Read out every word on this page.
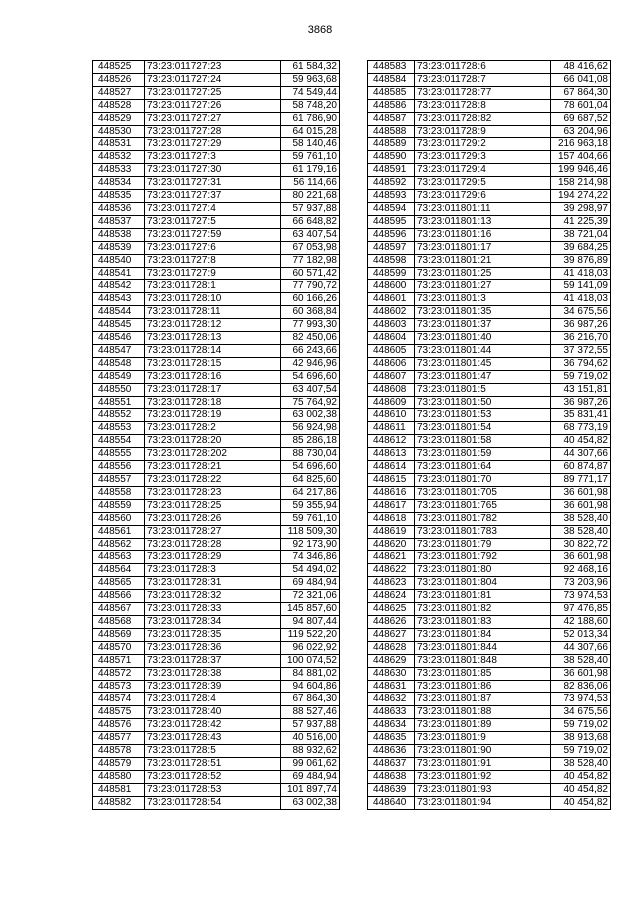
3868
448525	73:23:011727:23	61 584,32
448526	73:23:011727:24	59 963,68
448527	73:23:011727:25	74 549,44
448528	73:23:011727:26	58 748,20
448529	73:23:011727:27	61 786,90
448530	73:23:011727:28	64 015,28
448531	73:23:011727:29	58 140,46
448532	73:23:011727:3	59 761,10
448533	73:23:011727:30	61 179,16
448534	73:23:011727:31	56 114,66
448535	73:23:011727:37	80 221,68
448536	73:23:011727:4	57 937,88
448537	73:23:011727:5	66 648,82
448538	73:23:011727:59	63 407,54
448539	73:23:011727:6	67 053,98
448540	73:23:011727:8	77 182,98
448541	73:23:011727:9	60 571,42
448542	73:23:011728:1	77 790,72
448543	73:23:011728:10	60 166,26
448544	73:23:011728:11	60 368,84
448545	73:23:011728:12	77 993,30
448546	73:23:011728:13	82 450,06
448547	73:23:011728:14	66 243,66
448548	73:23:011728:15	42 946,96
448549	73:23:011728:16	54 696,60
448550	73:23:011728:17	63 407,54
448551	73:23:011728:18	75 764,92
448552	73:23:011728:19	63 002,38
448553	73:23:011728:2	56 924,98
448554	73:23:011728:20	85 286,18
448555	73:23:011728:202	88 730,04
448556	73:23:011728:21	54 696,60
448557	73:23:011728:22	64 825,60
448558	73:23:011728:23	64 217,86
448559	73:23:011728:25	59 355,94
448560	73:23:011728:26	59 761,10
448561	73:23:011728:27	118 509,30
448562	73:23:011728:28	92 173,90
448563	73:23:011728:29	74 346,86
448564	73:23:011728:3	54 494,02
448565	73:23:011728:31	69 484,94
448566	73:23:011728:32	72 321,06
448567	73:23:011728:33	145 857,60
448568	73:23:011728:34	94 807,44
448569	73:23:011728:35	119 522,20
448570	73:23:011728:36	96 022,92
448571	73:23:011728:37	100 074,52
448572	73:23:011728:38	84 881,02
448573	73:23:011728:39	94 604,86
448574	73:23:011728:4	67 864,30
448575	73:23:011728:40	88 527,46
448576	73:23:011728:42	57 937,88
448577	73:23:011728:43	40 516,00
448578	73:23:011728:5	88 932,62
448579	73:23:011728:51	99 061,62
448580	73:23:011728:52	69 484,94
448581	73:23:011728:53	101 897,74
448582	73:23:011728:54	63 002,38
448583	73:23:011728:6	48 416,62
448584	73:23:011728:7	66 041,08
448585	73:23:011728:77	67 864,30
448586	73:23:011728:8	78 601,04
448587	73:23:011728:82	69 687,52
448588	73:23:011728:9	63 204,96
448589	73:23:011729:2	216 963,18
448590	73:23:011729:3	157 404,66
448591	73:23:011729:4	199 946,46
448592	73:23:011729:5	158 214,98
448593	73:23:011729:6	194 274,22
448594	73:23:011801:11	39 298,97
448595	73:23:011801:13	41 225,39
448596	73:23:011801:16	38 721,04
448597	73:23:011801:17	39 684,25
448598	73:23:011801:21	39 876,89
448599	73:23:011801:25	41 418,03
448600	73:23:011801:27	59 141,09
448601	73:23:011801:3	41 418,03
448602	73:23:011801:35	34 675,56
448603	73:23:011801:37	36 987,26
448604	73:23:011801:40	36 216,70
448605	73:23:011801:44	37 372,55
448606	73:23:011801:45	36 794,62
448607	73:23:011801:47	59 719,02
448608	73:23:011801:5	43 151,81
448609	73:23:011801:50	36 987,26
448610	73:23:011801:53	35 831,41
448611	73:23:011801:54	68 773,19
448612	73:23:011801:58	40 454,82
448613	73:23:011801:59	44 307,66
448614	73:23:011801:64	60 874,87
448615	73:23:011801:70	89 771,17
448616	73:23:011801:705	36 601,98
448617	73:23:011801:765	36 601,98
448618	73:23:011801:782	38 528,40
448619	73:23:011801:783	38 528,40
448620	73:23:011801:79	30 822,72
448621	73:23:011801:792	36 601,98
448622	73:23:011801:80	92 468,16
448623	73:23:011801:804	73 203,96
448624	73:23:011801:81	73 974,53
448625	73:23:011801:82	97 476,85
448626	73:23:011801:83	42 188,60
448627	73:23:011801:84	52 013,34
448628	73:23:011801:844	44 307,66
448629	73:23:011801:848	38 528,40
448630	73:23:011801:85	36 601,98
448631	73:23:011801:86	82 836,06
448632	73:23:011801:87	73 974,53
448633	73:23:011801:88	34 675,56
448634	73:23:011801:89	59 719,02
448635	73:23:011801:9	38 913,68
448636	73:23:011801:90	59 719,02
448637	73:23:011801:91	38 528,40
448638	73:23:011801:92	40 454,82
448639	73:23:011801:93	40 454,82
448640	73:23:011801:94	40 454,82
